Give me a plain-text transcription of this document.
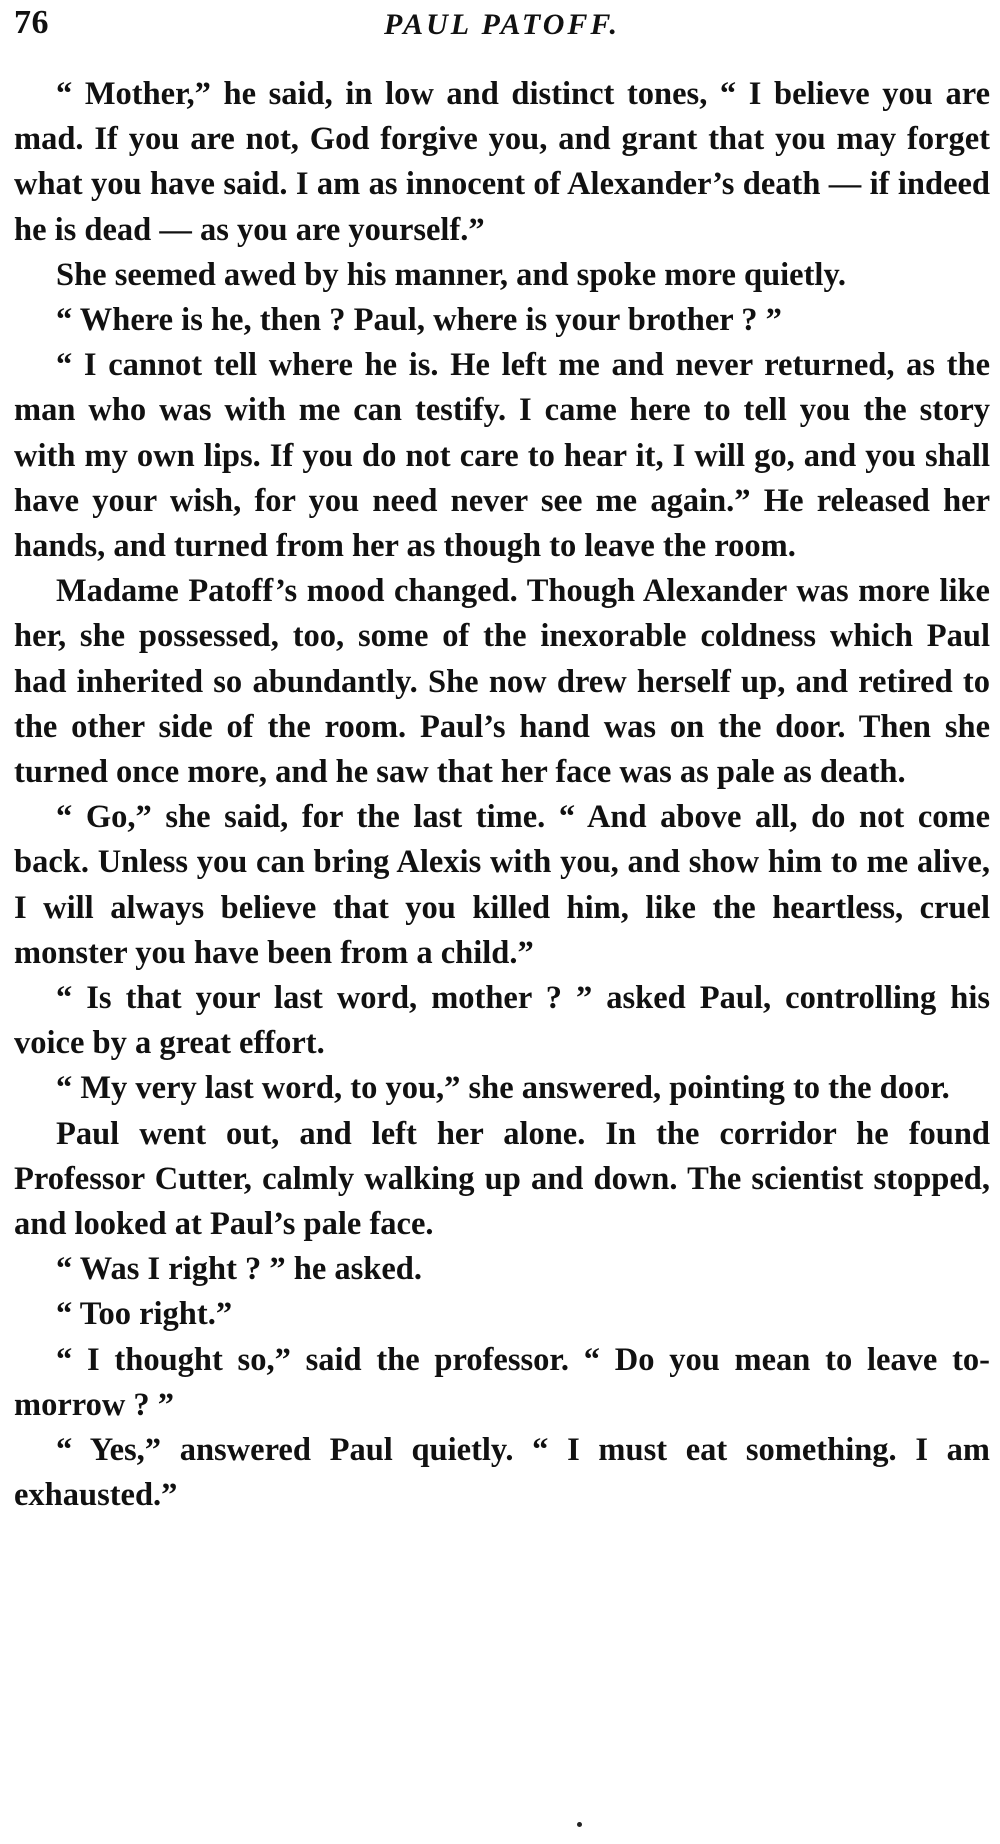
76	PAUL PATOFF.

“ Mother,” he said, in low and distinct tones, “ I believe you are mad. If you are not, God forgive you, and grant that you may forget what you have said. I am as innocent of Alexander’s death — if indeed he is dead — as you are yourself.”

She seemed awed by his manner, and spoke more quietly.

“ Where is he, then ? Paul, where is your brother ? ”

“ I cannot tell where he is. He left me and never returned, as the man who was with me can testify. I came here to tell you the story with my own lips. If you do not care to hear it, I will go, and you shall have your wish, for you need never see me again.” He released her hands, and turned from her as though to leave the room.

Madame Patoff’s mood changed. Though Alexander was more like her, she possessed, too, some of the inexorable coldness which Paul had inherited so abundantly. She now drew herself up, and retired to the other side of the room. Paul’s hand was on the door. Then she turned once more, and he saw that her face was as pale as death.

“ Go,” she said, for the last time. “ And above all, do not come back. Unless you can bring Alexis with you, and show him to me alive, I will always believe that you killed him, like the heartless, cruel monster you have been from a child.”

“ Is that your last word, mother ? ” asked Paul, controlling his voice by a great effort.

“ My very last word, to you,” she answered, pointing to the door.

Paul went out, and left her alone. In the corridor he found Professor Cutter, calmly walking up and down. The scientist stopped, and looked at Paul’s pale face.

“ Was I right ? ” he asked.

“ Too right.”

“ I thought so,” said the professor. “ Do you mean to leave to-morrow ? ”

“ Yes,” answered Paul quietly. “ I must eat something. I am exhausted.”
